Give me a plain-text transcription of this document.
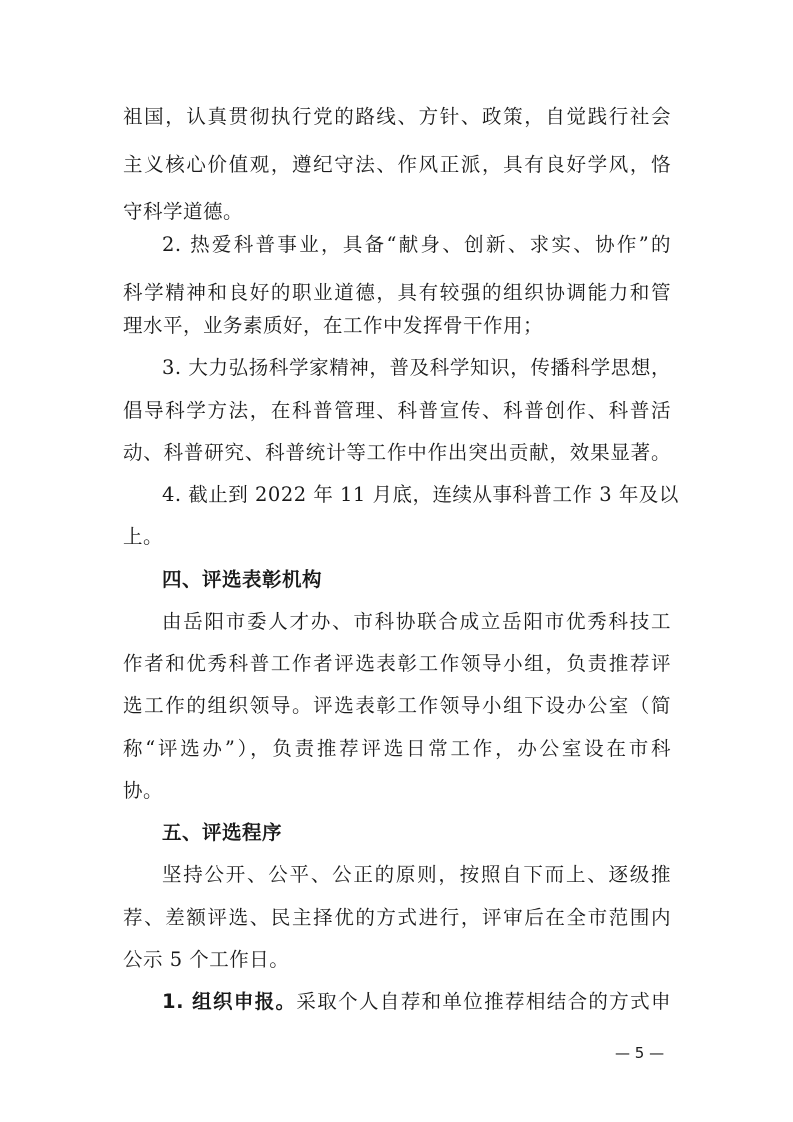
祖国，认真贯彻执行党的路线、方针、政策，自觉践行社会
主义核心价值观，遵纪守法、作风正派，具有良好学风，恪
守科学道德。
2. 热爱科普事业，具备“献身、创新、求实、协作”的
科学精神和良好的职业道德，具有较强的组织协调能力和管
理水平，业务素质好，在工作中发挥骨干作用；
3. 大力弘扬科学家精神，普及科学知识，传播科学思想，
倡导科学方法，在科普管理、科普宣传、科普创作、科普活
动、科普研究、科普统计等工作中作出突出贡献，效果显著。
4. 截止到 2022 年 11 月底，连续从事科普工作 3 年及以
上。
四、评选表彰机构
由岳阳市委人才办、市科协联合成立岳阳市优秀科技工
作者和优秀科普工作者评选表彰工作领导小组，负责推荐评
选工作的组织领导。评选表彰工作领导小组下设办公室（简
称“评选办”），负责推荐评选日常工作，办公室设在市科
协。
五、评选程序
坚持公开、公平、公正的原则，按照自下而上、逐级推
荐、差额评选、民主择优的方式进行，评审后在全市范围内
公示 5 个工作日。
1. 组织申报。采取个人自荐和单位推荐相结合的方式申
— 5 —
